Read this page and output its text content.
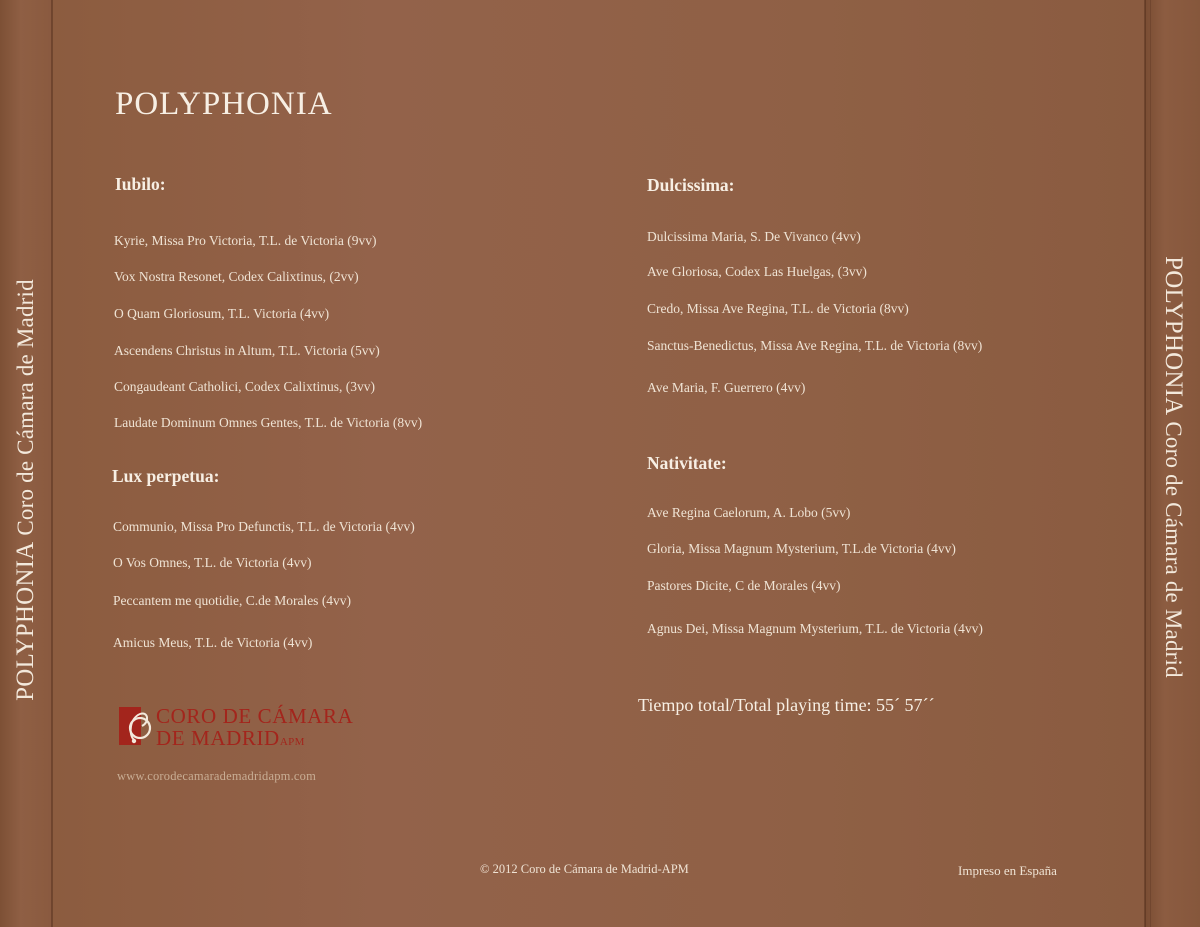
POLYPHONIA Coro de Cámara de Madrid	POLYPHONIA Coro de Cámara de Madrid
POLYPHONIA
Iubilo:
Kyrie, Missa Pro Victoria, T.L. de Victoria (9vv)
Vox Nostra Resonet, Codex Calixtinus, (2vv)
O Quam Gloriosum, T.L. Victoria (4vv)
Ascendens Christus in Altum, T.L. Victoria (5vv)
Congaudeant Catholici, Codex Calixtinus, (3vv)
Laudate Dominum Omnes Gentes, T.L. de Victoria (8vv)
Lux perpetua:
Communio, Missa Pro Defunctis, T.L. de Victoria (4vv)
O Vos Omnes, T.L. de Victoria (4vv)
Peccantem me quotidie, C.de Morales (4vv)
Amicus Meus, T.L. de Victoria (4vv)
Dulcissima:
Dulcissima Maria, S. De Vivanco (4vv)
Ave Gloriosa, Codex Las Huelgas, (3vv)
Credo, Missa Ave Regina, T.L. de Victoria (8vv)
Sanctus-Benedictus, Missa Ave Regina, T.L. de Victoria (8vv)
Ave Maria, F. Guerrero (4vv)
Nativitate:
Ave Regina Caelorum, A. Lobo (5vv)
Gloria, Missa Magnum Mysterium, T.L.de Victoria (4vv)
Pastores Dicite, C de Morales (4vv)
Agnus Dei, Missa Magnum Mysterium, T.L. de Victoria (4vv)
CORO DE CÁMARA
DE MADRIDAPM
www.corodecamarademadridapm.com
Tiempo total/Total playing time: 55´ 57´´
© 2012 Coro de Cámara de Madrid-APM	Impreso en España
